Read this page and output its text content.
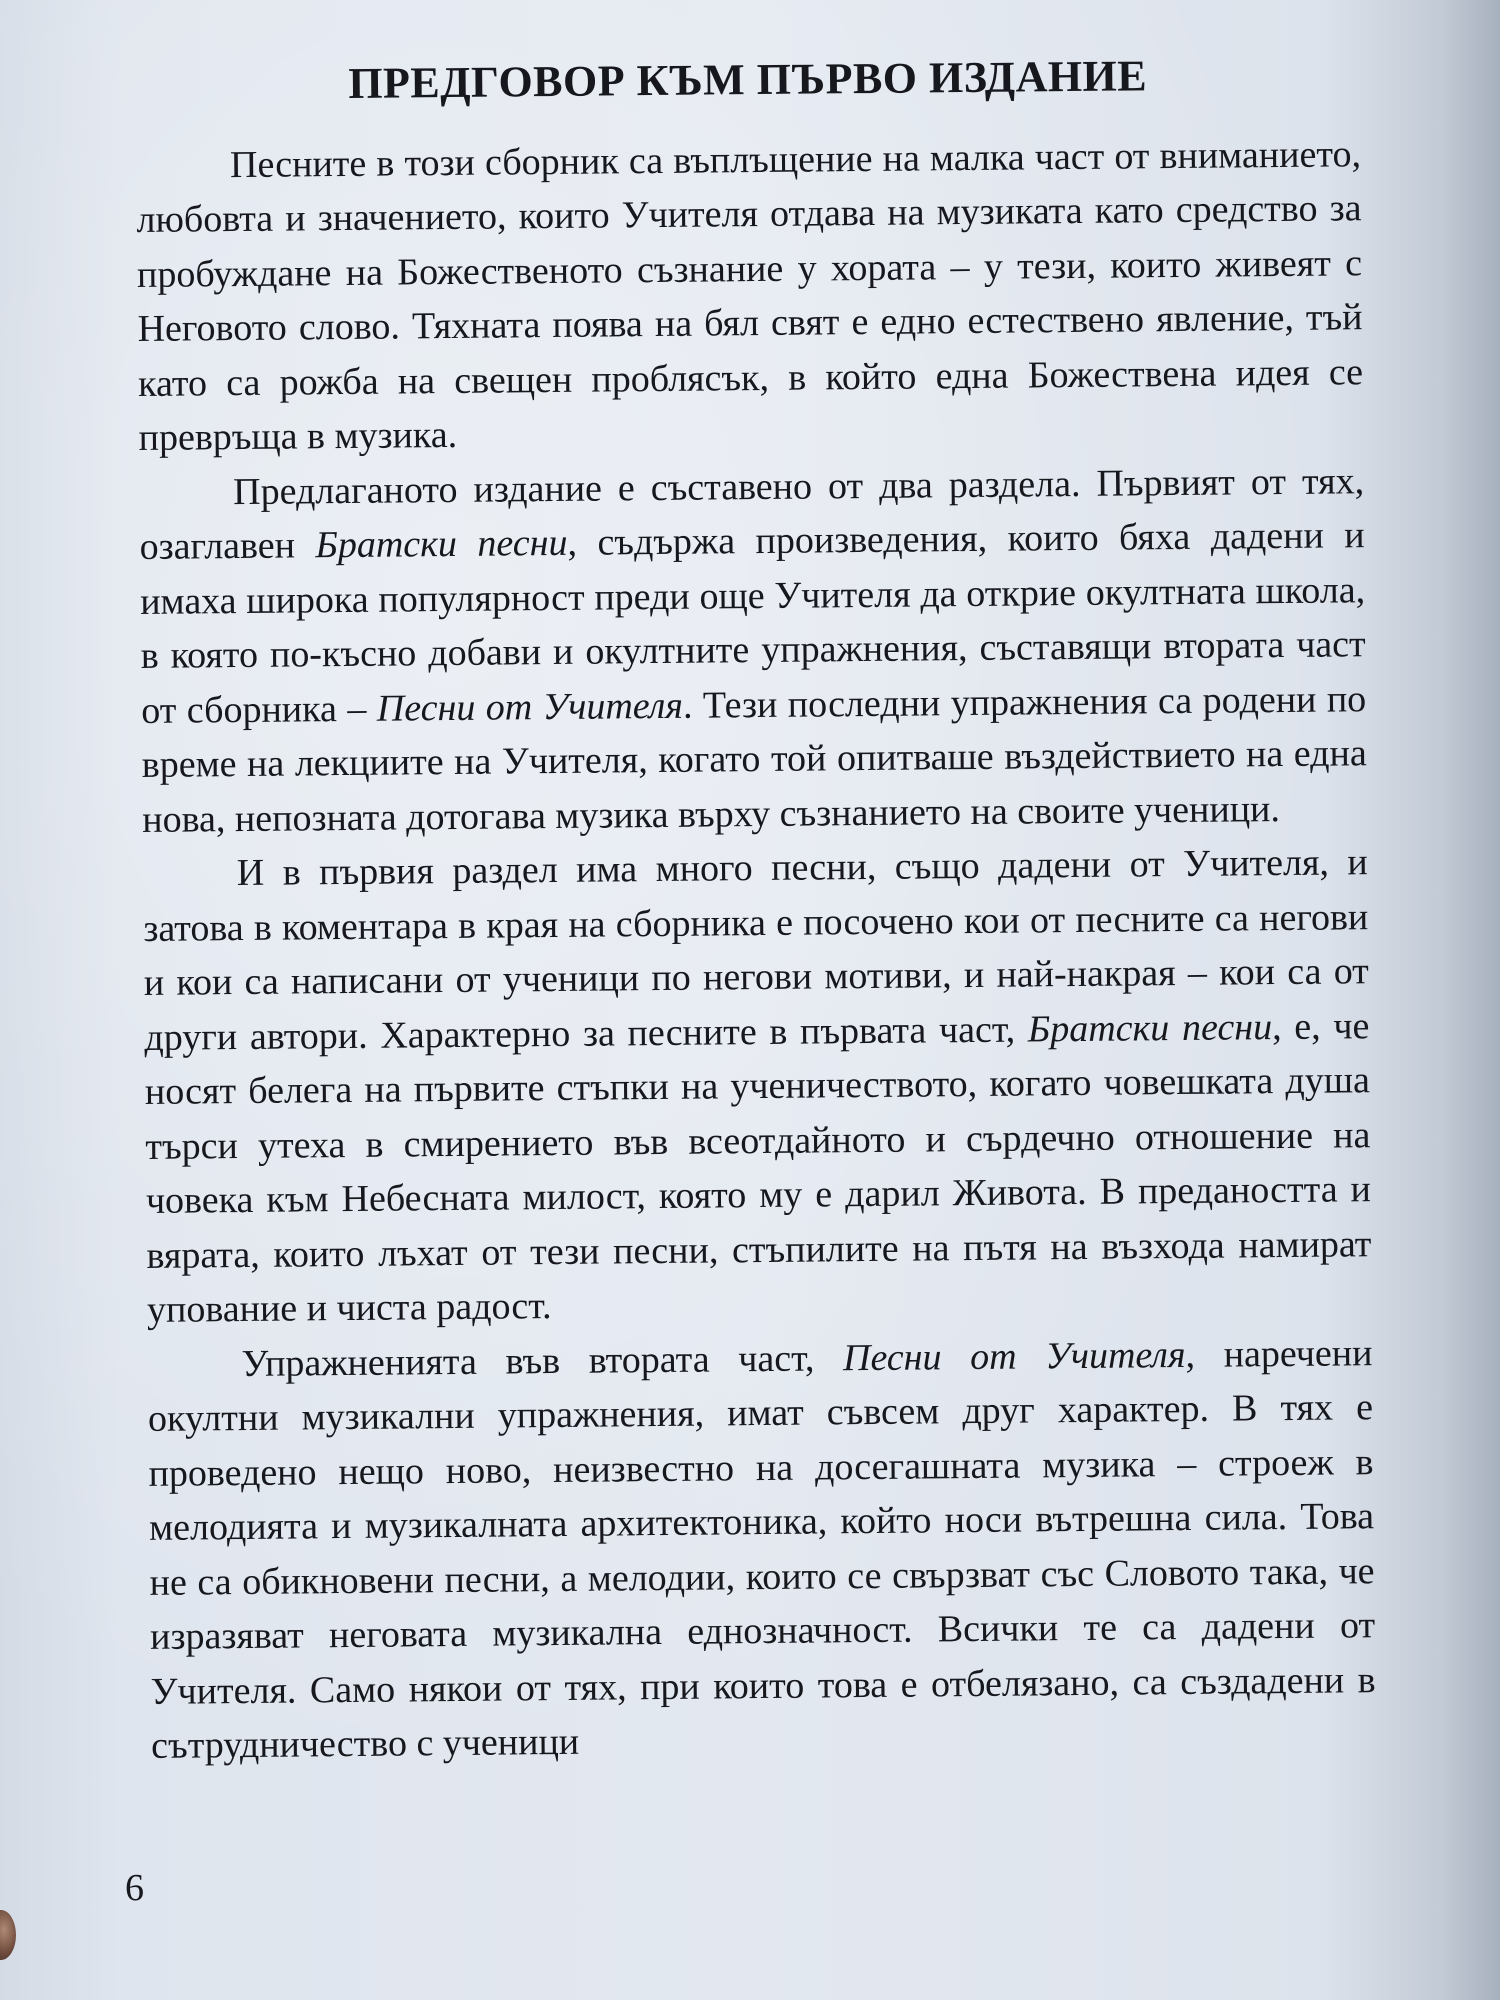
ПРЕДГОВОР КЪМ ПЪРВО ИЗДАНИЕ

Песните в този сборник са въплъщение на малка част от вниманието, любовта и значението, които Учителя отдава на музиката като средство за пробуждане на Божественото съзнание у хората – у тези, които живеят с Неговото слово. Тяхната поява на бял свят е едно естествено явление, тъй като са рожба на свещен проблясък, в който една Божествена идея се превръща в музика.

Предлаганото издание е съставено от два раздела. Първият от тях, озаглавен Братски песни, съдържа произведения, които бяха дадени и имаха широка популярност преди още Учителя да открие окултната школа, в която по-късно добави и окултните упражнения, съставящи втората част от сборника – Песни от Учителя. Тези последни упражнения са родени по време на лекциите на Учителя, когато той опитваше въздействието на една нова, непозната дотогава музика върху съзнанието на своите ученици.

И в първия раздел има много песни, също дадени от Учителя, и затова в коментара в края на сборника е посочено кои от песните са негови и кои са написани от ученици по негови мотиви, и най-накрая – кои са от други автори. Характерно за песните в първата част, Братски песни, е, че носят белега на първите стъпки на ученичеството, когато човешката душа търси утеха в смирението във всеотдайното и сърдечно отношение на човека към Небесната милост, която му е дарил Живота. В предаността и вярата, които лъхат от тези песни, стъпилите на пътя на възхода намират упование и чиста радост.

Упражненията във втората част, Песни от Учителя, наречени окултни музикални упражнения, имат съвсем друг характер. В тях е проведено нещо ново, неизвестно на досегашната музика – строеж в мелодията и музикалната архитектоника, който носи вътрешна сила. Това не са обикновени песни, а мелодии, които се свързват със Словото така, че изразяват неговата музикална еднозначност. Всички те са дадени от Учителя. Само някои от тях, при които това е отбелязано, са създадени в сътрудничество с ученици

6
